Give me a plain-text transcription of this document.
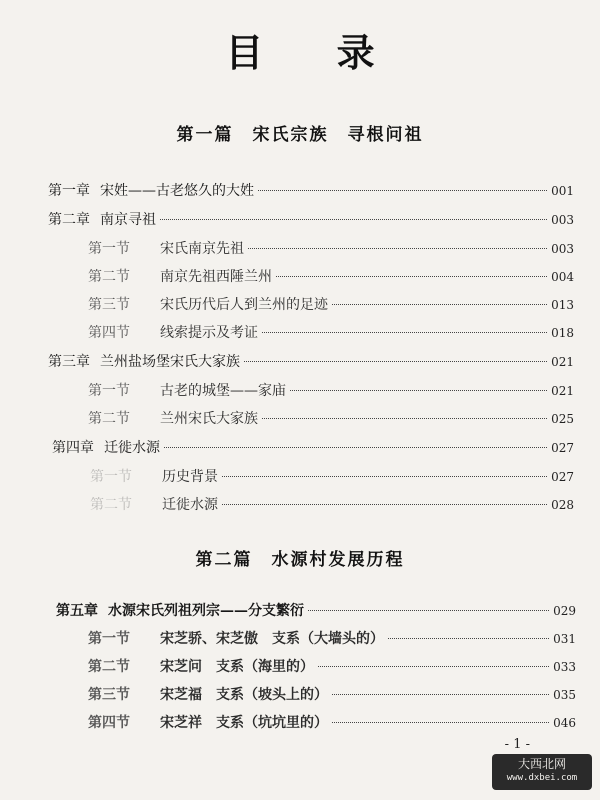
目 录
第一篇　宋氏宗族　寻根问祖
第一章 宋姓——古老悠久的大姓	001
第二章 南京寻祖	003
第一节 宋氏南京先祖	003
第二节 南京先祖西陲兰州	004
第三节 宋氏历代后人到兰州的足迹	013
第四节 线索提示及考证	018
第三章 兰州盐场堡宋氏大家族	021
第一节 古老的城堡——家庙	021
第二节 兰州宋氏大家族	025
第四章 迁徙水源	027
第一节 历史背景	027
第二节 迁徙水源	028
第二篇　水源村发展历程
第五章 水源宋氏列祖列宗——分支繁衍	029
第一节 宋芝骄、宋芝傲　支系（大墙头的）	031
第二节 宋芝问　支系（海里的）	033
第三节 宋芝福　支系（坡头上的）	035
第四节 宋芝祥　支系（坑坑里的）	046
- 1 -
大西北网
www.dxbei.com
